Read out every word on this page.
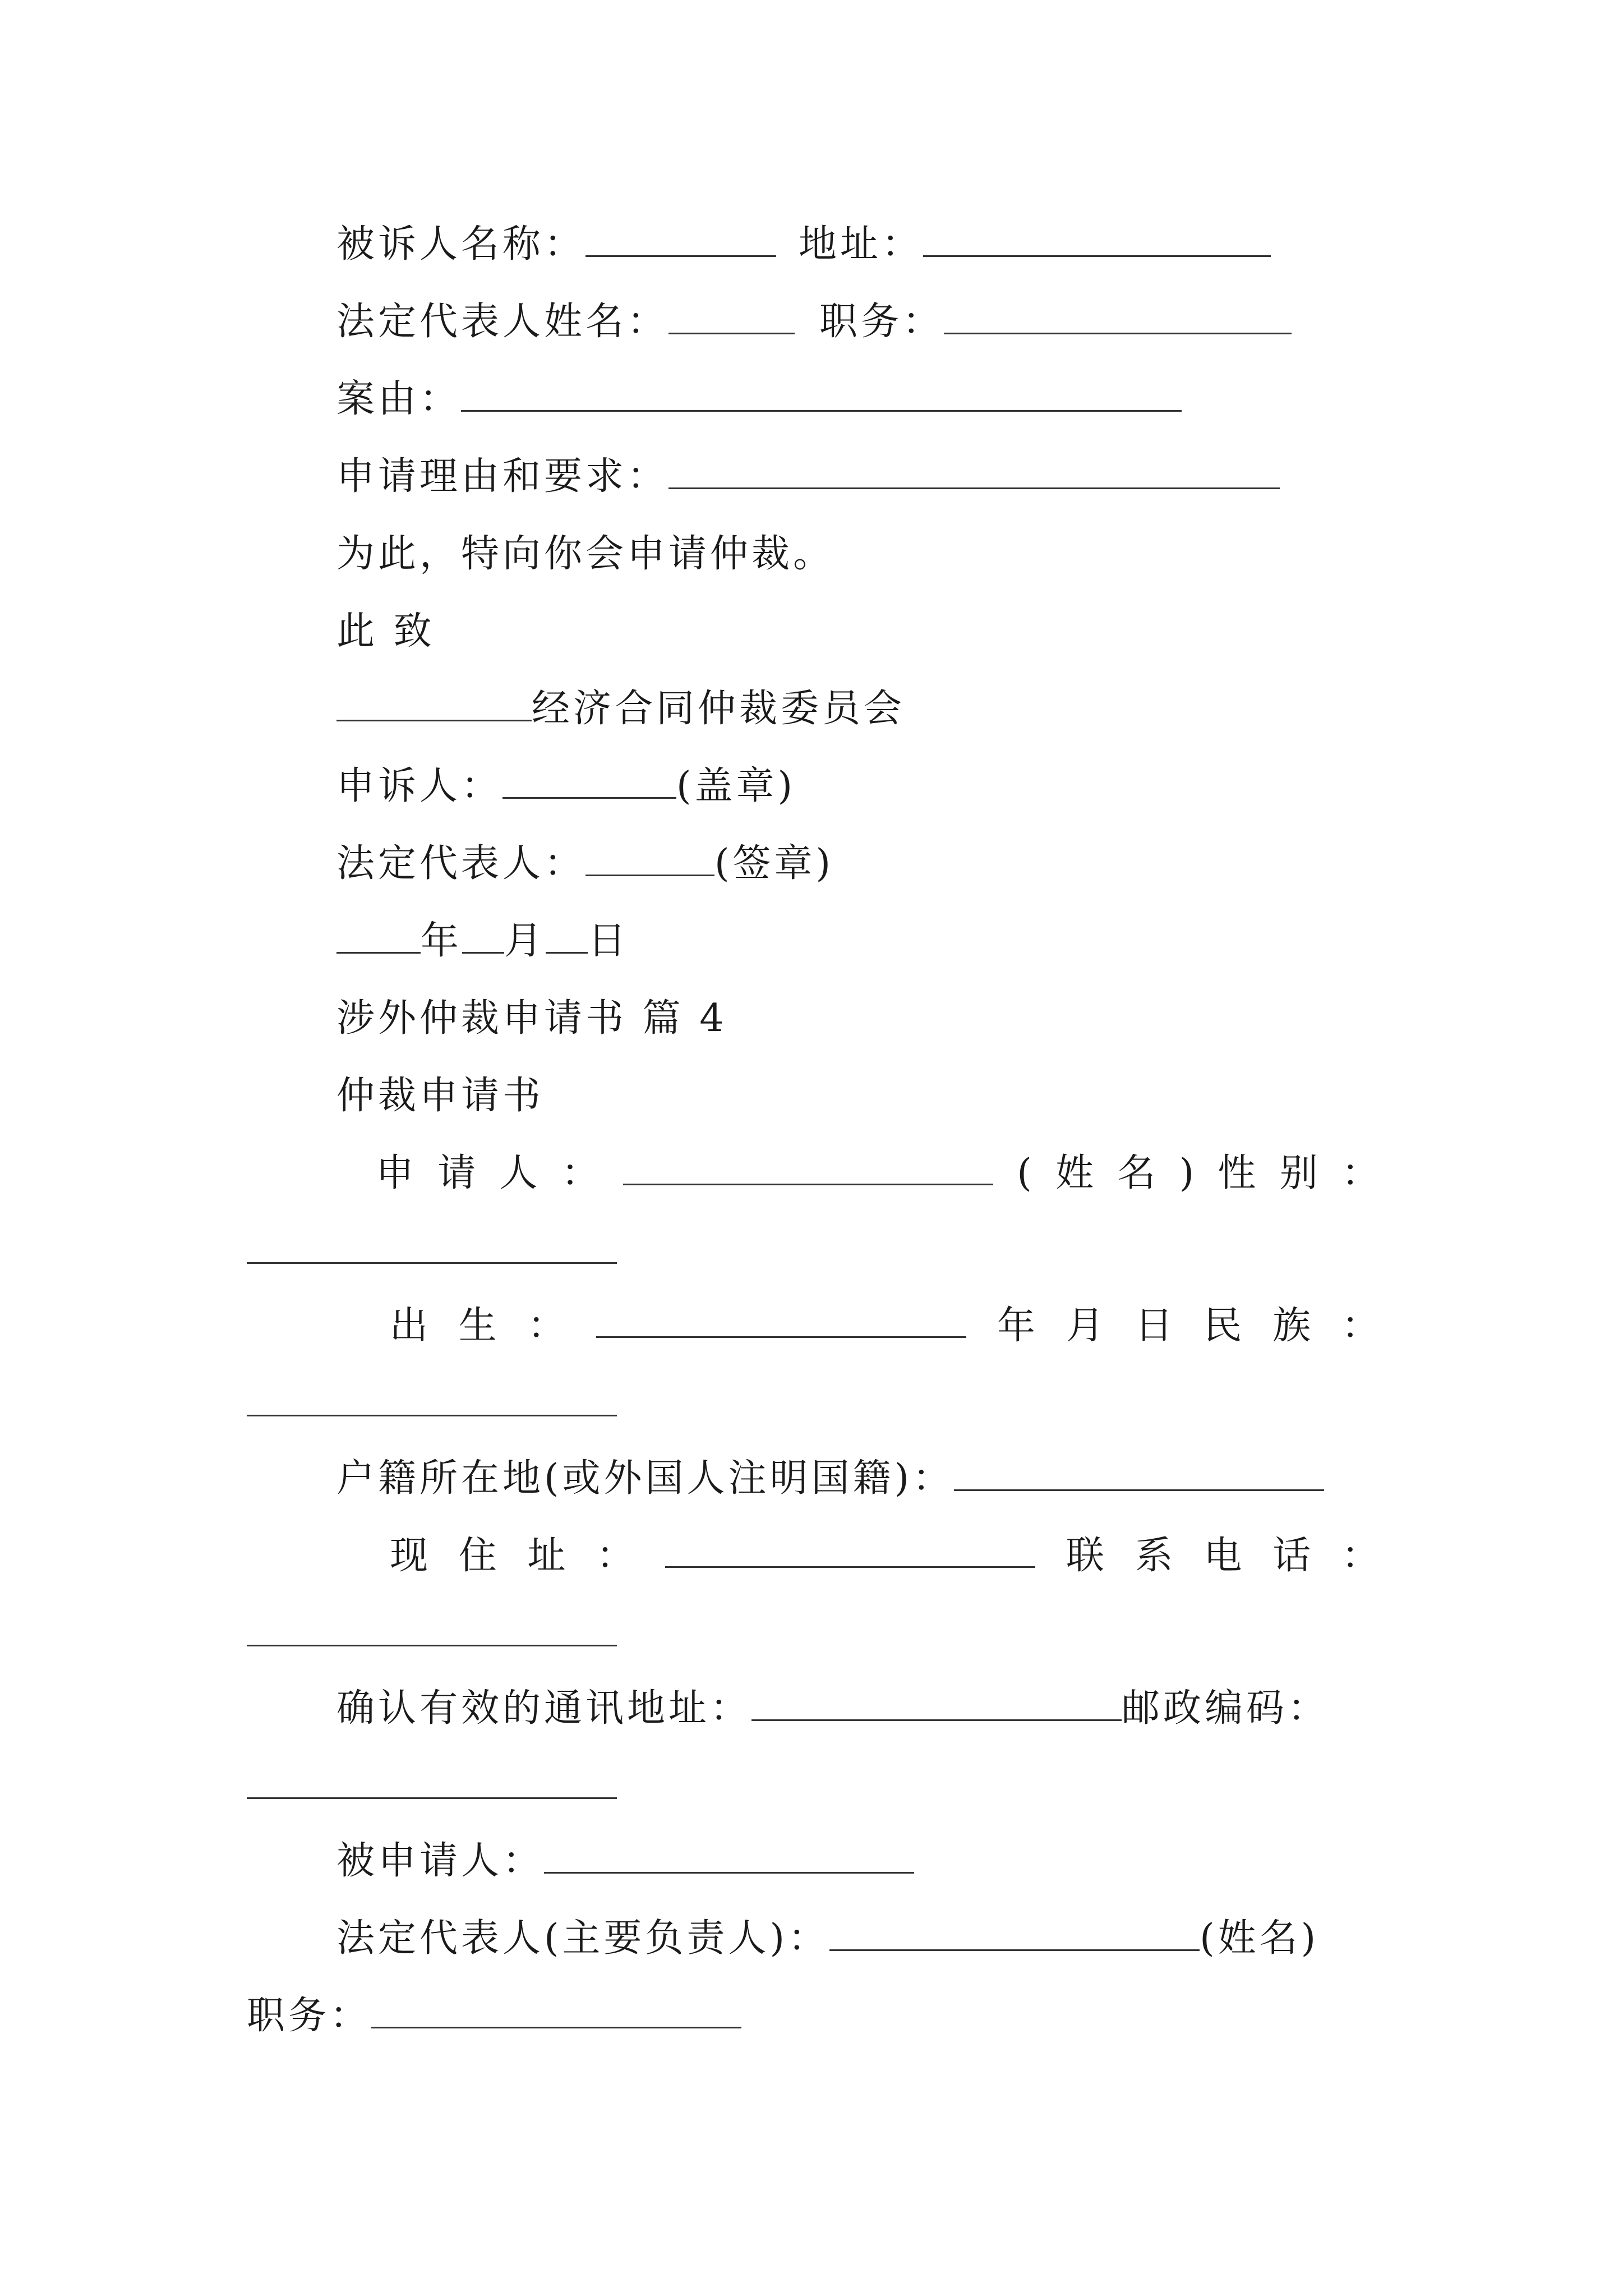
被诉人名称：	地址：
法定代表人姓名：	职务：
案由：
申请理由和要求：
为此，特向你会申请仲裁。
此 致
经济合同仲裁委员会
申诉人：	(盖章)
法定代表人：	(签章)
年 月 日
涉外仲裁申请书 篇 4
仲裁申请书
申 请 人 ：	( 姓 名 ) 性 别 ：
出 生 ：	年 月 日 民 族 ：
户籍所在地(或外国人注明国籍)：
现 住 址 ：	联 系 电 话 ：
确认有效的通讯地址：	邮政编码：
被申请人：
法定代表人(主要负责人)：	(姓名)
职务：
